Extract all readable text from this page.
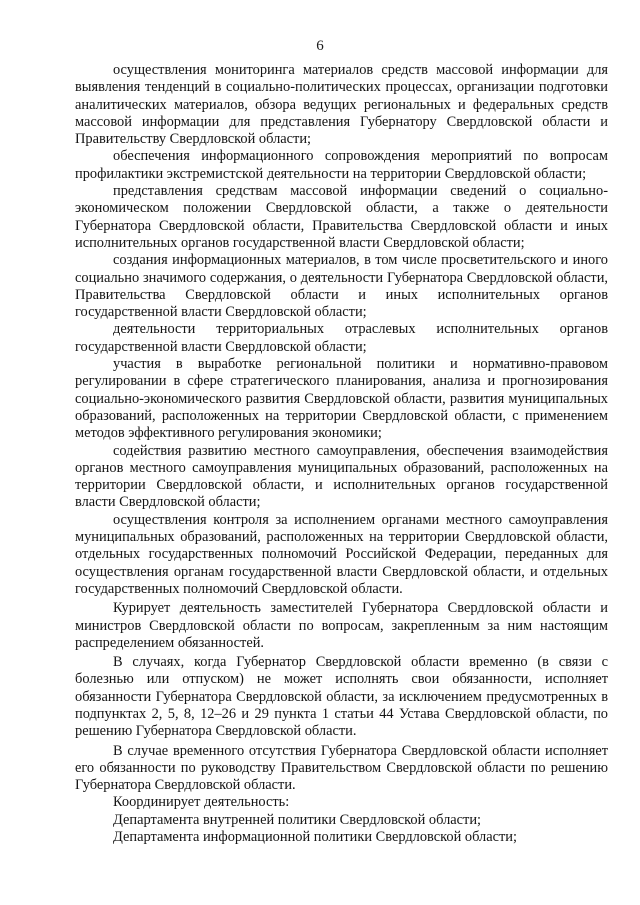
6

осуществления мониторинга материалов средств массовой информации для выявления тенденций в социально-политических процессах, организации подготовки аналитических материалов, обзора ведущих региональных и федеральных средств массовой информации для представления Губернатору Свердловской области и Правительству Свердловской области;

обеспечения информационного сопровождения мероприятий по вопросам профилактики экстремистской деятельности на территории Свердловской области;

представления средствам массовой информации сведений о социально-экономическом положении Свердловской области, а также о деятельности Губернатора Свердловской области, Правительства Свердловской области и иных исполнительных органов государственной власти Свердловской области;

создания информационных материалов, в том числе просветительского и иного социально значимого содержания, о деятельности Губернатора Свердловской области, Правительства Свердловской области и иных исполнительных органов государственной власти Свердловской области;

деятельности территориальных отраслевых исполнительных органов государственной власти Свердловской области;

участия в выработке региональной политики и нормативно-правовом регулировании в сфере стратегического планирования, анализа и прогнозирования социально-экономического развития Свердловской области, развития муниципальных образований, расположенных на территории Свердловской области, с применением методов эффективного регулирования экономики;

содействия развитию местного самоуправления, обеспечения взаимодействия органов местного самоуправления муниципальных образований, расположенных на территории Свердловской области, и исполнительных органов государственной власти Свердловской области;

осуществления контроля за исполнением органами местного самоуправления муниципальных образований, расположенных на территории Свердловской области, отдельных государственных полномочий Российской Федерации, переданных для осуществления органам государственной власти Свердловской области, и отдельных государственных полномочий Свердловской области.

Курирует деятельность заместителей Губернатора Свердловской области и министров Свердловской области по вопросам, закрепленным за ним настоящим распределением обязанностей.

В случаях, когда Губернатор Свердловской области временно (в связи с болезнью или отпуском) не может исполнять свои обязанности, исполняет обязанности Губернатора Свердловской области, за исключением предусмотренных в подпунктах 2, 5, 8, 12–26 и 29 пункта 1 статьи 44 Устава Свердловской области, по решению Губернатора Свердловской области.

В случае временного отсутствия Губернатора Свердловской области исполняет его обязанности по руководству Правительством Свердловской области по решению Губернатора Свердловской области.

Координирует деятельность:

Департамента внутренней политики Свердловской области;

Департамента информационной политики Свердловской области;
